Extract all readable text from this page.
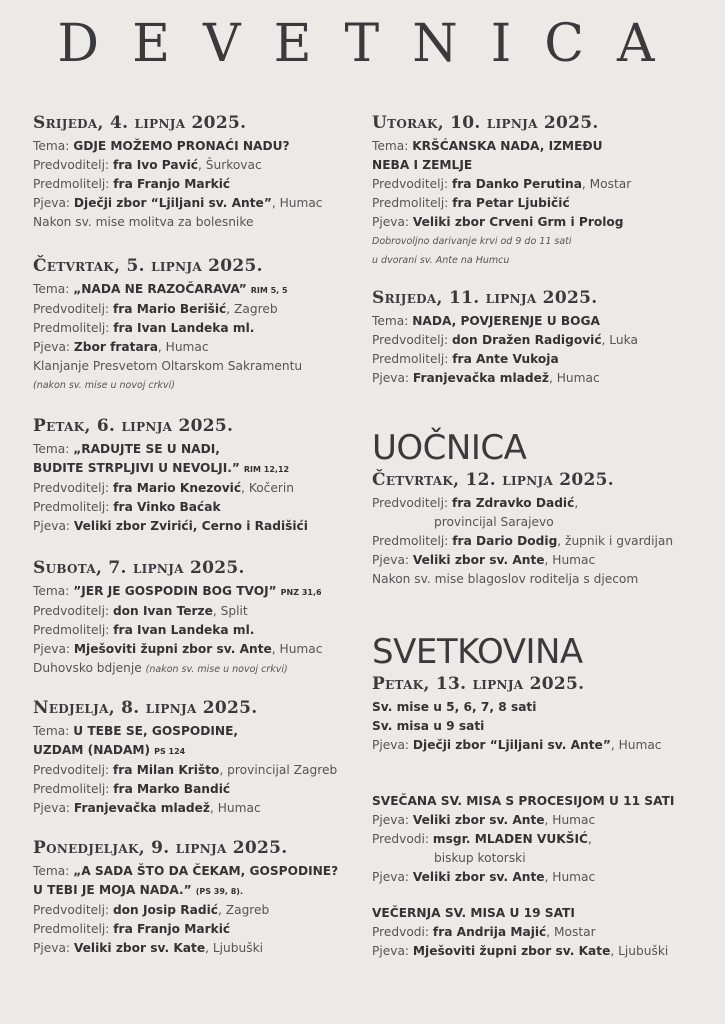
DEVETNICA
Srijeda, 4. lipnja 2025.
Tema: GDJE MOŽEMO PRONAĆI NADU?
Predvoditelj: fra Ivo Pavić, Šurkovac
Predmolitelj: fra Franjo Markić
Pjeva: Dječji zbor “Ljiljani sv. Ante”, Humac
Nakon sv. mise molitva za bolesnike
Četvrtak, 5. lipnja 2025.
Tema: „NADA NE RAZOČARAVA” RIM 5, 5
Predvoditelj: fra Mario Berišić, Zagreb
Predmolitelj: fra Ivan Landeka ml.
Pjeva: Zbor fratara, Humac
Klanjanje Presvetom Oltarskom Sakramentu
(nakon sv. mise u novoj crkvi)
Petak, 6. lipnja 2025.
Tema: „RADUJTE SE U NADI,
BUDITE STRPLJIVI U NEVOLJI.” RIM 12,12
Predvoditelj: fra Mario Knezović, Kočerin
Predmolitelj: fra Vinko Baćak
Pjeva: Veliki zbor Zvirići, Cerno i Radišići
Subota, 7. lipnja 2025.
Tema: ”JER JE GOSPODIN BOG TVOJ” PNZ 31,6
Predvoditelj: don Ivan Terze, Split
Predmolitelj: fra Ivan Landeka ml.
Pjeva: Mješoviti župni zbor sv. Ante, Humac
Duhovsko bdjenje (nakon sv. mise u novoj crkvi)
Nedjelja, 8. lipnja 2025.
Tema: U TEBE SE, GOSPODINE,
UZDAM (NADAM) PS 124
Predvoditelj: fra Milan Krišto, provincijal Zagreb
Predmolitelj: fra Marko Bandić
Pjeva: Franjevačka mladež, Humac
Ponedjeljak, 9. lipnja 2025.
Tema: „A SADA ŠTO DA ČEKAM, GOSPODINE?
U TEBI JE MOJA NADA.” (PS 39, 8).
Predvoditelj: don Josip Radić, Zagreb
Predmolitelj: fra Franjo Markić
Pjeva: Veliki zbor sv. Kate, Ljubuški
Utorak, 10. lipnja 2025.
Tema: KRŠĆANSKA NADA, IZMEĐU
NEBA I ZEMLJE
Predvoditelj: fra Danko Perutina, Mostar
Predmolitelj: fra Petar Ljubičić
Pjeva: Veliki zbor Crveni Grm i Prolog
Dobrovoljno darivanje krvi od 9 do 11 sati
u dvorani sv. Ante na Humcu
Srijeda, 11. lipnja 2025.
Tema: NADA, POVJERENJE U BOGA
Predvoditelj: don Dražen Radigović, Luka
Predmolitelj: fra Ante Vukoja
Pjeva: Franjevačka mladež, Humac
UOČNICA
Četvrtak, 12. lipnja 2025.
Predvoditelj: fra Zdravko Dadić,
provincijal Sarajevo
Predmolitelj: fra Dario Dodig, župnik i gvardijan
Pjeva: Veliki zbor sv. Ante, Humac
Nakon sv. mise blagoslov roditelja s djecom
SVETKOVINA
Petak, 13. lipnja 2025.
Sv. mise u 5, 6, 7, 8 sati
Sv. misa u 9 sati
Pjeva: Dječji zbor “Ljiljani sv. Ante”, Humac
SVEČANA SV. MISA S PROCESIJOM U 11 SATI
Pjeva: Veliki zbor sv. Ante, Humac
Predvodi: msgr. MLADEN VUKŠIĆ,
biskup kotorski
Pjeva: Veliki zbor sv. Ante, Humac
VEČERNJA SV. MISA U 19 SATI
Predvodi: fra Andrija Majić, Mostar
Pjeva: Mješoviti župni zbor sv. Kate, Ljubuški
